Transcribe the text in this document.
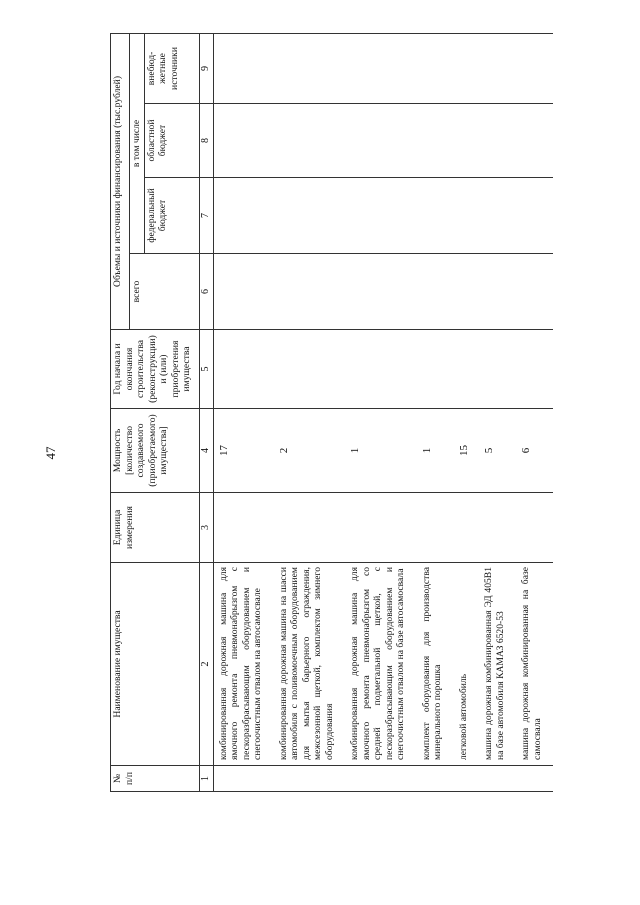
47
№ п/п	Наименование имущества	Единица измерения	Мощность [количество создаваемого (приобретаемого) имущества]	Год начала и окончания строительства (реконструкции) и (или) приобретения имущества	Объемы и источники финансирования (тыс.рублей)			
					всего	в том числе		
						федеральный бюджет	областной бюджет	внебюд-жетные источники
1	2	3	4	5	6	7	8	9
	комбинированная дорожная машина для ямочного ремонта пневмонабрызгом с пескоразбрасывающим оборудованием и снегоочистным отвалом на автосамосвале		17					
	комбинированная дорожная машина на шасси автомобиля с поливомоечным оборудованием для мытья барьерного ограждения, межсезонной щеткой, комплектом зимнего оборудования		2					
	комбинированная дорожная машина для ямочного ремонта пневмонабрызгом со средней подметальной щеткой, с пескоразбрасывающим оборудованием и снегоочистным отвалом на базе автосамосвала		1					
	комплект оборудования для производства минерального порошка		1					
	легковой автомобиль		15					
	машина дорожная комбинированная ЭД 405В1 на базе автомобиля КАМАЗ 6520-53		5					
	машина дорожная комбинированная на базе самосвала		6					
